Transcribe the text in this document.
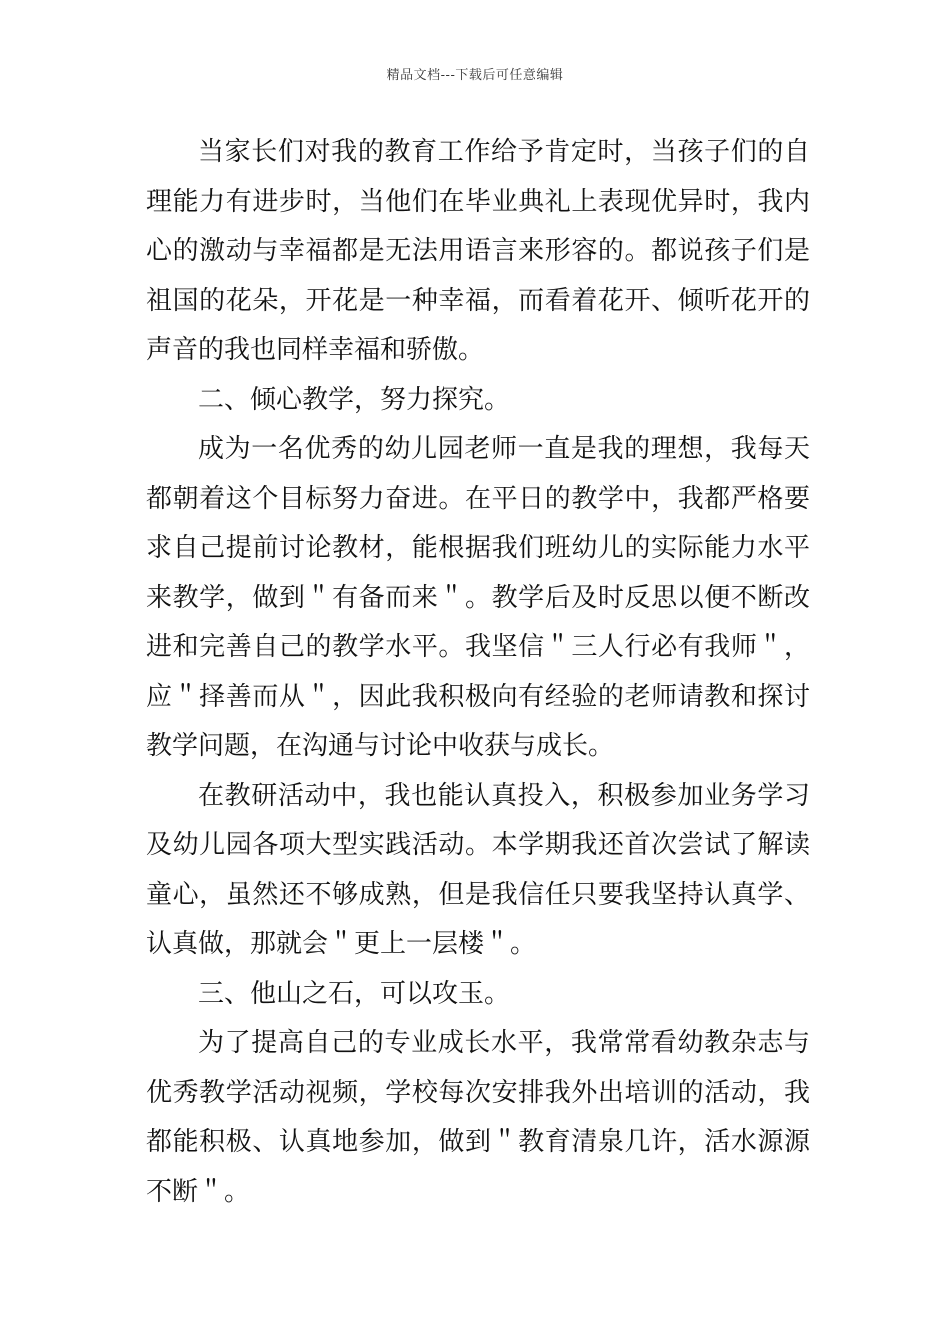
精品文档---下载后可任意编辑

当家长们对我的教育工作给予肯定时，当孩子们的自理能力有进步时，当他们在毕业典礼上表现优异时，我内心的激动与幸福都是无法用语言来形容的。都说孩子们是祖国的花朵，开花是一种幸福，而看着花开、倾听花开的声音的我也同样幸福和骄傲。

二、倾心教学，努力探究。

成为一名优秀的幼儿园老师一直是我的理想，我每天都朝着这个目标努力奋进。在平日的教学中，我都严格要求自己提前讨论教材，能根据我们班幼儿的实际能力水平来教学，做到＂有备而来＂。教学后及时反思以便不断改进和完善自己的教学水平。我坚信＂三人行必有我师＂，应＂择善而从＂，因此我积极向有经验的老师请教和探讨教学问题，在沟通与讨论中收获与成长。

在教研活动中，我也能认真投入，积极参加业务学习及幼儿园各项大型实践活动。本学期我还首次尝试了解读童心，虽然还不够成熟，但是我信任只要我坚持认真学、认真做，那就会＂更上一层楼＂。

三、他山之石，可以攻玉。

为了提高自己的专业成长水平，我常常看幼教杂志与优秀教学活动视频，学校每次安排我外出培训的活动，我都能积极、认真地参加，做到＂教育清泉几许，活水源源不断＂。
